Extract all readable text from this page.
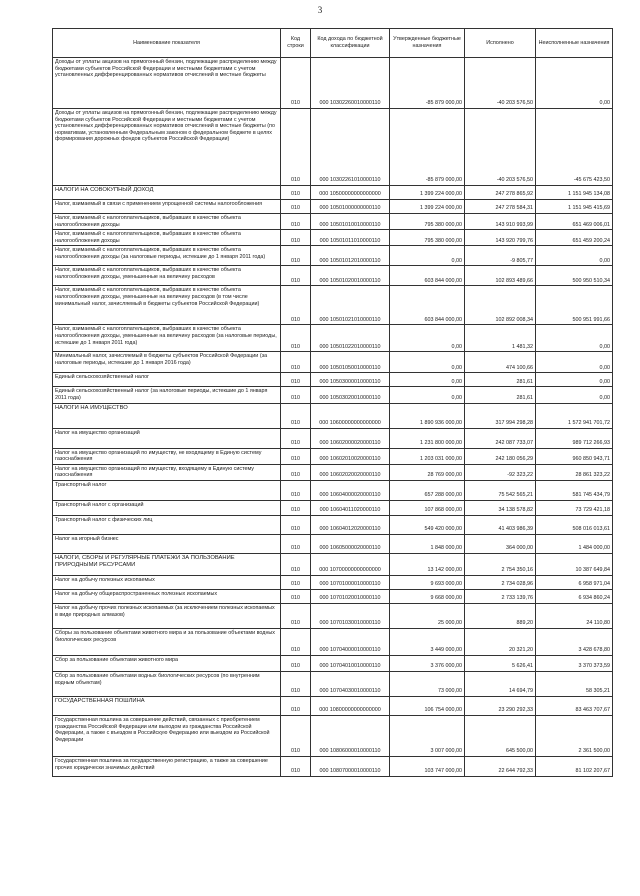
3
Наименование показателя	Код строки	Код дохода по бюджетной классификации	Утвержденные бюджетные назначения	Исполнено	Неисполненные назначения
Доходы от уплаты акцизов на прямогонный бензин, подлежащие распределению между бюджетами субъектов Российской Федерации и местными бюджетами с учетом установленных дифференцированных нормативов отчислений в местные бюджеты	010	000 10302260010000110	-85 879 000,00	-40 203 576,50	0,00
Доходы от уплаты акцизов на прямогонный бензин, подлежащие распределению между бюджетами субъектов Российской Федерации и местными бюджетами с учетом установленных дифференцированных нормативов отчислений в местные бюджеты (по нормативам, установленным Федеральным законом о федеральном бюджете в целях формирования дорожных фондов субъектов Российской Федерации)	010	000 10302261010000110	-85 879 000,00	-40 203 576,50	-45 675 423,50
НАЛОГИ НА СОВОКУПНЫЙ ДОХОД	010	000 10500000000000000	1 399 224 000,00	247 278 865,92	1 151 945 134,08
Налог, взимаемый в связи с применением упрощенной системы налогообложения	010	000 10501000000000110	1 399 224 000,00	247 278 584,31	1 151 945 415,69
Налог, взимаемый с налогоплательщиков, выбравших в качестве объекта налогообложения доходы	010	000 10501010010000110	795 380 000,00	143 910 993,99	651 469 006,01
Налог, взимаемый с налогоплательщиков, выбравших в качестве объекта налогообложения доходы	010	000 10501011010000110	795 380 000,00	143 920 799,76	651 459 200,24
Налог, взимаемый с налогоплательщиков, выбравших в качестве объекта налогообложения доходы (за налоговые периоды, истекшие до 1 января 2011 года)	010	000 10501012010000110	0,00	-9 805,77	0,00
Налог, взимаемый с налогоплательщиков, выбравших в качестве объекта налогообложения доходы, уменьшенные на величину расходов	010	000 10501020010000110	603 844 000,00	102 893 489,66	500 950 510,34
Налог, взимаемый с налогоплательщиков, выбравших в качестве объекта налогообложения доходы, уменьшенные на величину расходов (в том числе минимальный налог, зачисляемый в бюджеты субъектов Российской Федерации)	010	000 10501021010000110	603 844 000,00	102 892 008,34	500 951 991,66
Налог, взимаемый с налогоплательщиков, выбравших в качестве объекта налогообложения доходы, уменьшенные на величину расходов (за налоговые периоды, истекшие до 1 января 2011 года)	010	000 10501022010000110	0,00	1 481,32	0,00
Минимальный налог, зачисляемый в бюджеты субъектов Российской Федерации (за налоговые периоды, истекшие до 1 января 2016 года)	010	000 10501050010000110	0,00	474 100,66	0,00
Единый сельскохозяйственный налог	010	000 10503000010000110	0,00	281,61	0,00
Единый сельскохозяйственный налог (за налоговые периоды, истекшие до 1 января 2011 года)	010	000 10503020010000110	0,00	281,61	0,00
НАЛОГИ НА ИМУЩЕСТВО	010	000 10600000000000000	1 890 936 000,00	317 994 298,28	1 572 941 701,72
Налог на имущество организаций	010	000 10602000020000110	1 231 800 000,00	242 087 733,07	989 712 266,93
Налог на имущество организаций по имуществу, не входящему в Единую систему газоснабжения	010	000 10602010020000110	1 203 031 000,00	242 180 056,29	960 850 943,71
Налог на имущество организаций по имуществу, входящему в Единую систему газоснабжения	010	000 10602020020000110	28 769 000,00	-92 323,22	28 861 323,22
Транспортный налог	010	000 10604000020000110	657 288 000,00	75 542 565,21	581 745 434,79
Транспортный налог с организаций	010	000 10604011020000110	107 868 000,00	34 138 578,82	73 729 421,18
Транспортный налог с физических лиц	010	000 10604012020000110	549 420 000,00	41 403 986,39	508 016 013,61
Налог на игорный бизнес	010	000 10605000020000110	1 848 000,00	364 000,00	1 484 000,00
НАЛОГИ, СБОРЫ И РЕГУЛЯРНЫЕ ПЛАТЕЖИ ЗА ПОЛЬЗОВАНИЕ ПРИРОДНЫМИ РЕСУРСАМИ	010	000 10700000000000000	13 142 000,00	2 754 350,16	10 387 649,84
Налог на добычу полезных ископаемых	010	000 10701000010000110	9 693 000,00	2 734 028,96	6 958 971,04
Налог на добычу общераспространенных полезных ископаемых	010	000 10701020010000110	9 668 000,00	2 733 139,76	6 934 860,24
Налог на добычу прочих полезных ископаемых (за исключением полезных ископаемых в виде природных алмазов)	010	000 10701030010000110	25 000,00	889,20	24 110,80
Сборы за пользование объектами животного мира и за пользование объектами водных биологических ресурсов	010	000 10704000010000110	3 449 000,00	20 321,20	3 428 678,80
Сбор за пользование объектами животного мира	010	000 10704010010000110	3 376 000,00	5 626,41	3 370 373,59
Сбор за пользование объектами водных биологических ресурсов (по внутренним водным объектам)	010	000 10704030010000110	73 000,00	14 694,79	58 305,21
ГОСУДАРСТВЕННАЯ ПОШЛИНА	010	000 10800000000000000	106 754 000,00	23 290 292,33	83 463 707,67
Государственная пошлина за совершение действий, связанных с приобретением гражданства Российской Федерации или выходом из гражданства Российской Федерации, а также с въездом в Российскую Федерацию или выездом из Российской Федерации	010	000 10806000010000110	3 007 000,00	645 500,00	2 361 500,00
Государственная пошлина за государственную регистрацию, а также за совершение прочих юридически значимых действий	010	000 10807000010000110	103 747 000,00	22 644 792,33	81 102 207,67
